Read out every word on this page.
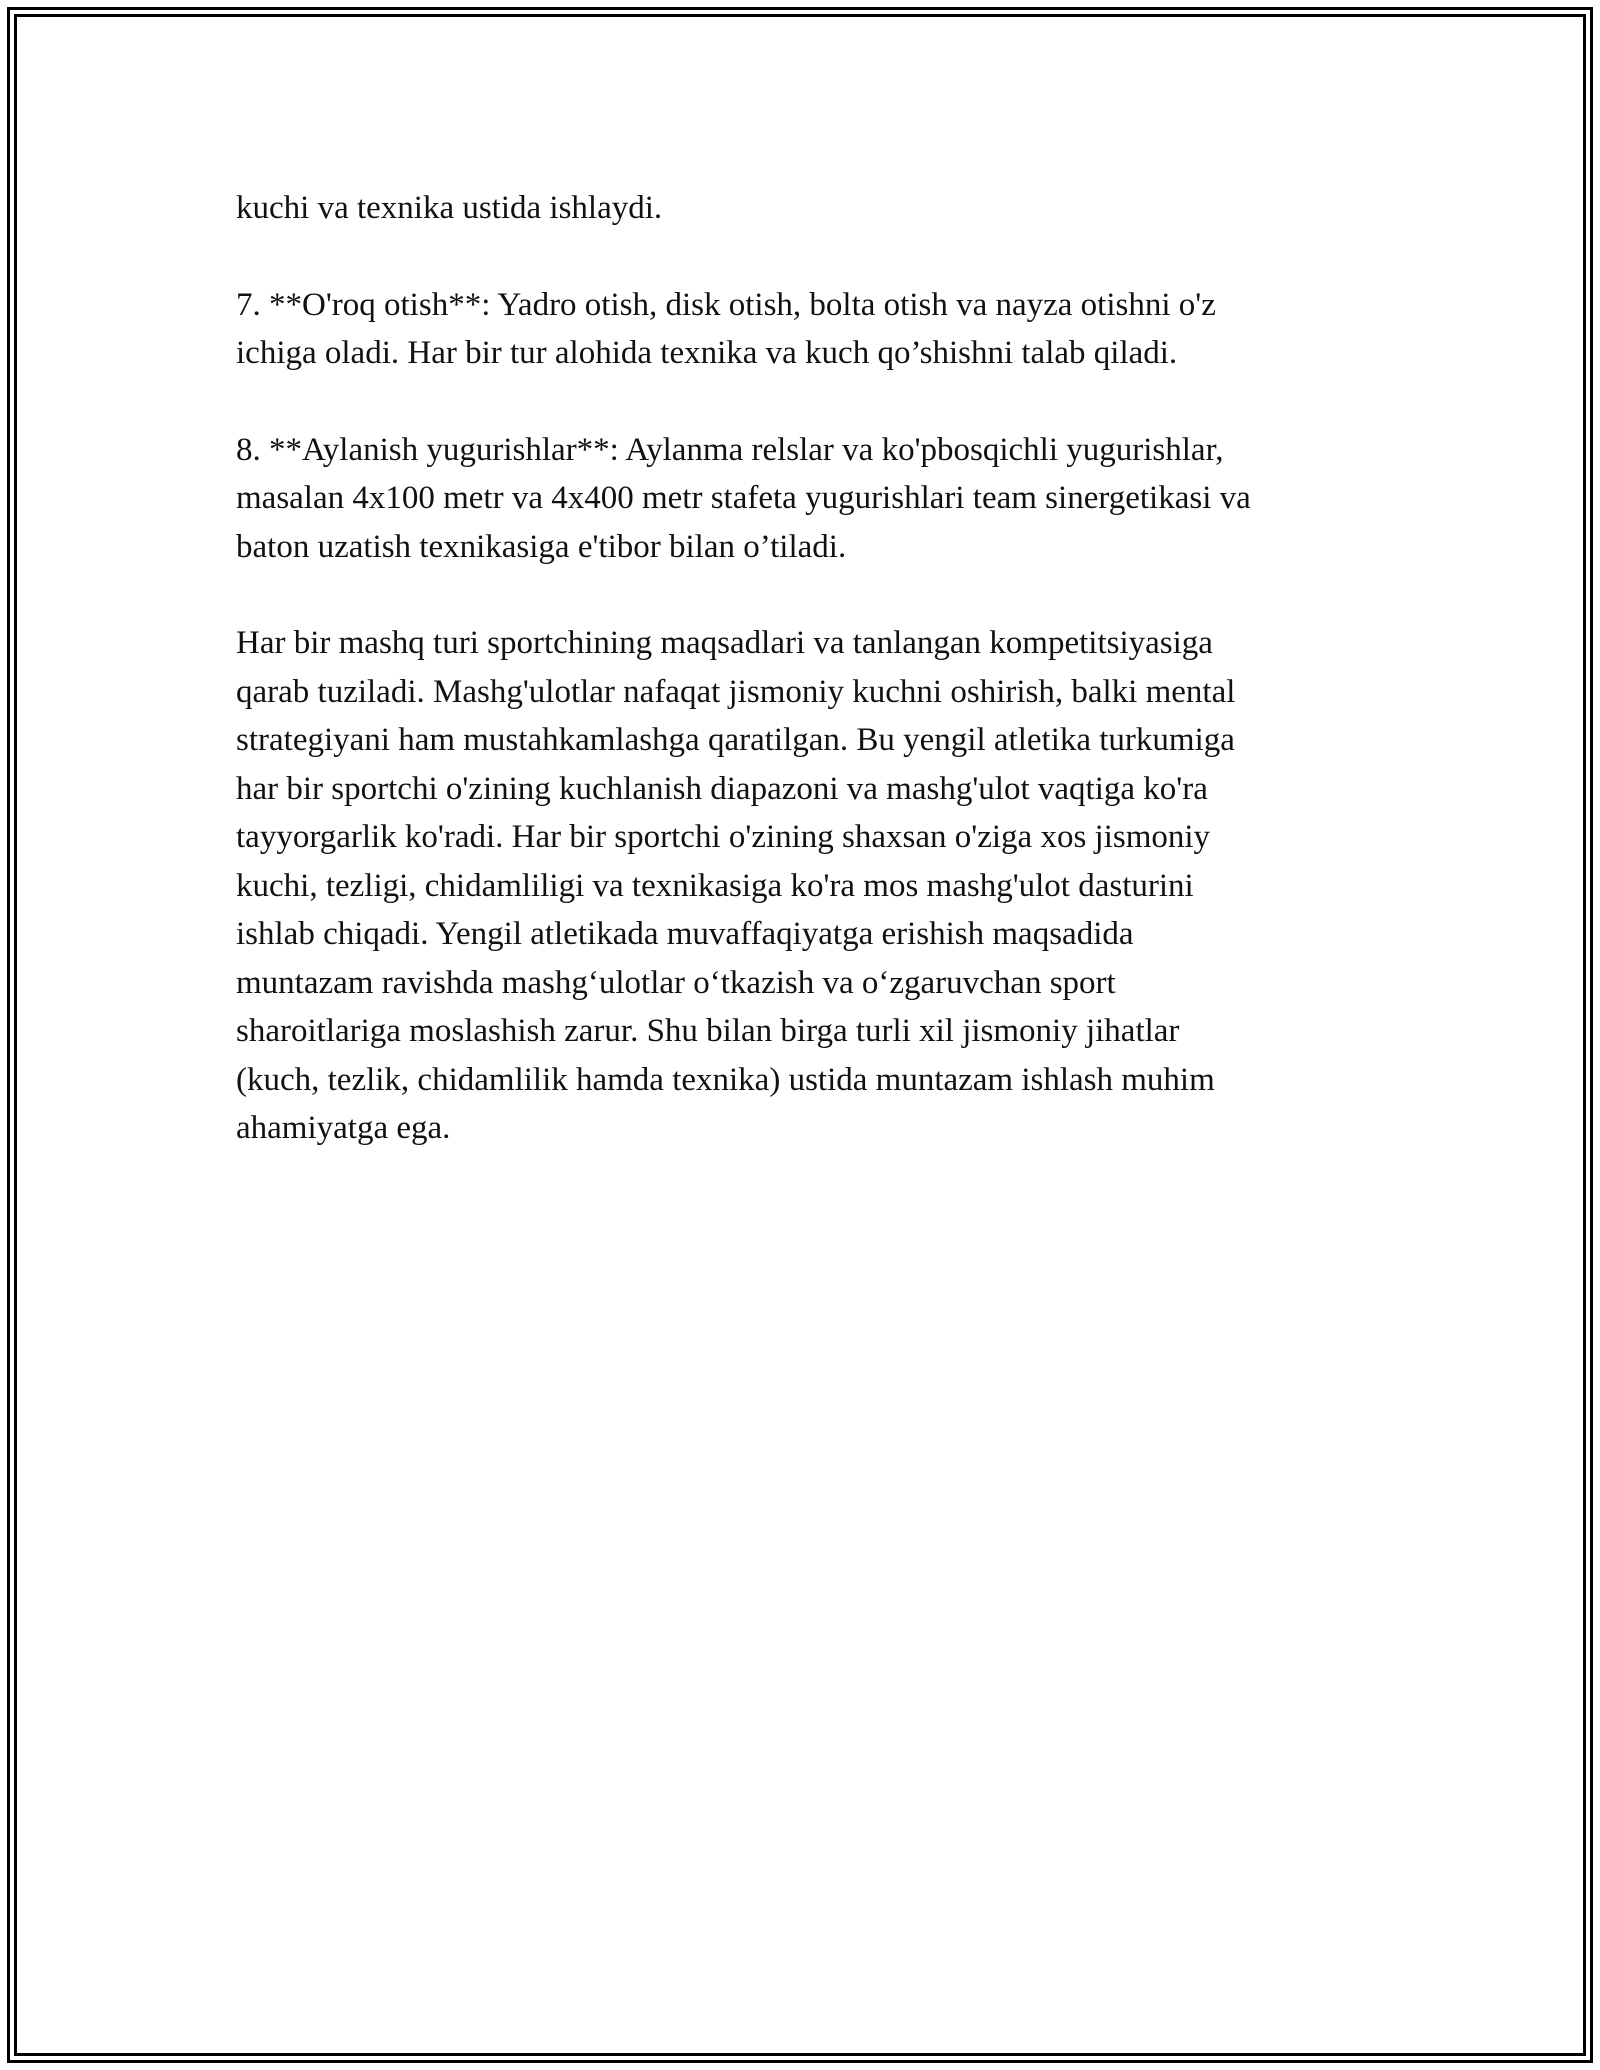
kuchi va texnika ustida ishlaydi.

7. **O'roq otish**: Yadro otish, disk otish, bolta otish va nayza otishni o'z
ichiga oladi. Har bir tur alohida texnika va kuch qo’shishni talab qiladi.

8. **Aylanish yugurishlar**: Aylanma relslar va ko'pbosqichli yugurishlar,
masalan 4x100 metr va 4x400 metr stafeta yugurishlari team sinergetikasi va
baton uzatish texnikasiga e'tibor bilan o’tiladi.

Har bir mashq turi sportchining maqsadlari va tanlangan kompetitsiyasiga
qarab tuziladi. Mashg'ulotlar nafaqat jismoniy kuchni oshirish, balki mental
strategiyani ham mustahkamlashga qaratilgan. Bu yengil atletika turkumiga
har bir sportchi o'zining kuchlanish diapazoni va mashg'ulot vaqtiga ko'ra
tayyorgarlik ko'radi. Har bir sportchi o'zining shaxsan o'ziga xos jismoniy
kuchi, tezligi, chidamliligi va texnikasiga ko'ra mos mashg'ulot dasturini
ishlab chiqadi. Yengil atletikada muvaffaqiyatga erishish maqsadida
muntazam ravishda mashg‘ulotlar o‘tkazish va o‘zgaruvchan sport
sharoitlariga moslashish zarur. Shu bilan birga turli xil jismoniy jihatlar
(kuch, tezlik, chidamlilik hamda texnika) ustida muntazam ishlash muhim
ahamiyatga ega.
